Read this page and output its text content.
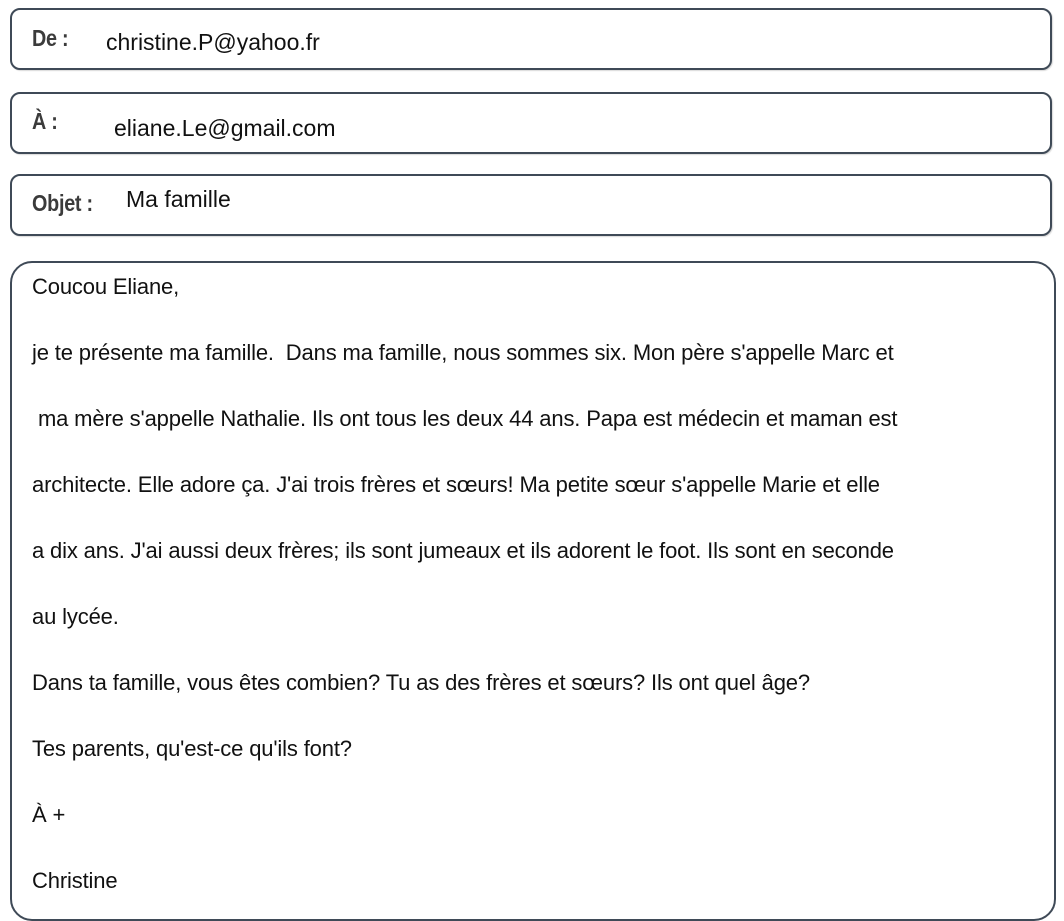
De : christine.P@yahoo.fr
À : eliane.Le@gmail.com
Objet : Ma famille
Coucou Eliane,
je te présente ma famille.  Dans ma famille, nous sommes six. Mon père s'appelle Marc et
ma mère s'appelle Nathalie. Ils ont tous les deux 44 ans. Papa est médecin et maman est
architecte. Elle adore ça. J'ai trois frères et sœurs! Ma petite sœur s'appelle Marie et elle
a dix ans. J'ai aussi deux frères; ils sont jumeaux et ils adorent le foot. Ils sont en seconde
au lycée.
Dans ta famille, vous êtes combien? Tu as des frères et sœurs? Ils ont quel âge?
Tes parents, qu'est-ce qu'ils font?
À +
Christine
